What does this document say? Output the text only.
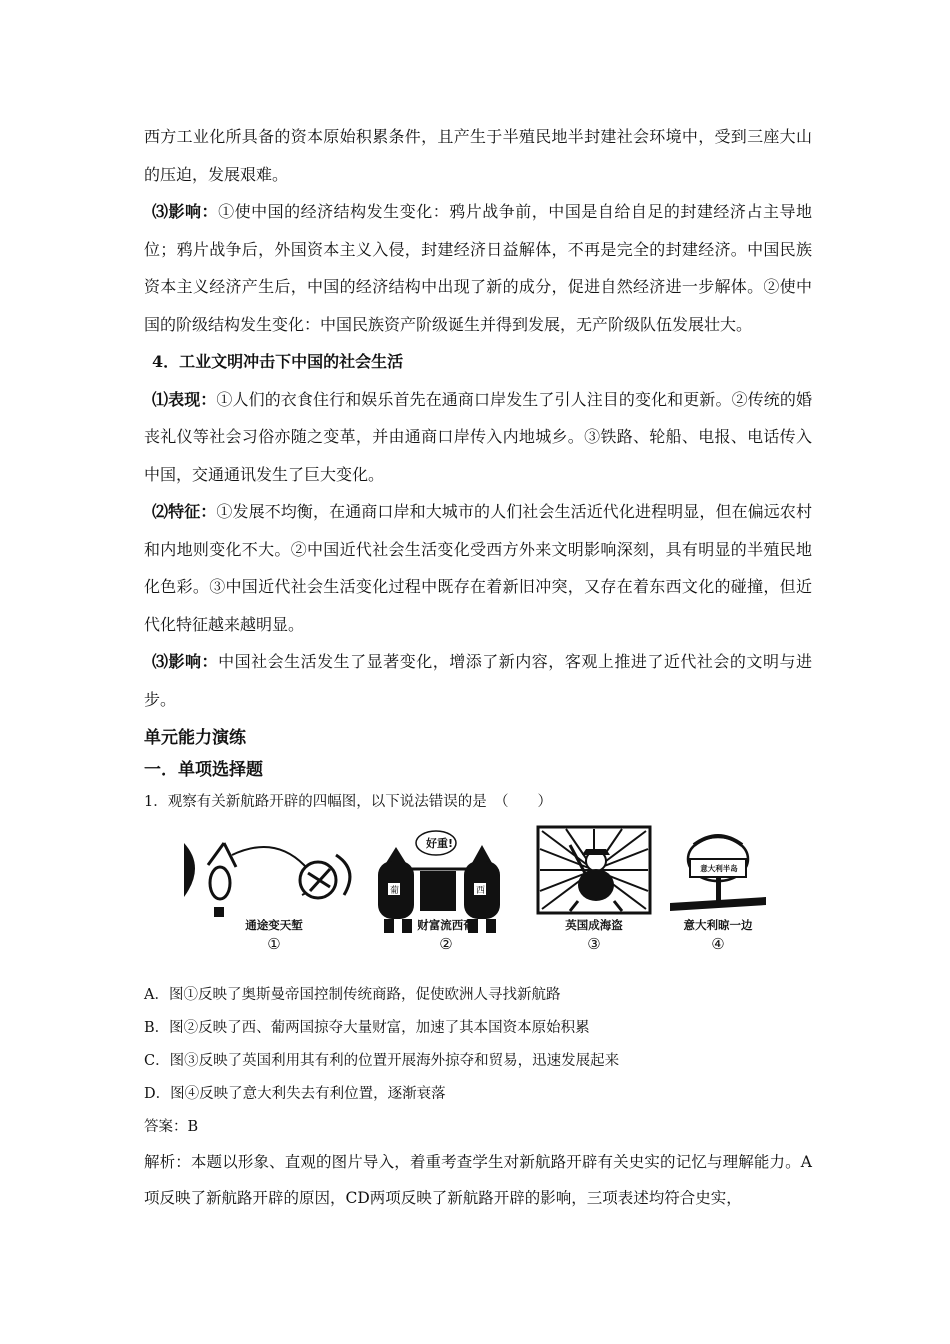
西方工业化所具备的资本原始积累条件，且产生于半殖民地半封建社会环境中，受到三座大山的压迫，发展艰难。

⑶影响：①使中国的经济结构发生变化：鸦片战争前，中国是自给自足的封建经济占主导地位；鸦片战争后，外国资本主义入侵，封建经济日益解体，不再是完全的封建经济。中国民族资本主义经济产生后，中国的经济结构中出现了新的成分，促进自然经济进一步解体。②使中国的阶级结构发生变化：中国民族资产阶级诞生并得到发展，无产阶级队伍发展壮大。

4．工业文明冲击下中国的社会生活

⑴表现：①人们的衣食住行和娱乐首先在通商口岸发生了引人注目的变化和更新。②传统的婚丧礼仪等社会习俗亦随之变革，并由通商口岸传入内地城乡。③铁路、轮船、电报、电话传入中国，交通通讯发生了巨大变化。

⑵特征：①发展不均衡，在通商口岸和大城市的人们社会生活近代化进程明显，但在偏远农村和内地则变化不大。②中国近代社会生活变化受西方外来文明影响深刻，具有明显的半殖民地化色彩。③中国近代社会生活变化过程中既存在着新旧冲突，又存在着东西文化的碰撞，但近代化特征越来越明显。

⑶影响：中国社会生活发生了显著变化，增添了新内容，客观上推进了近代社会的文明与进步。

单元能力演练

一．单项选择题

1．观察有关新航路开辟的四幅图，以下说法错误的是　（　　）

通途变天堑
①
好重!
葡	西
财富流西葡
②
英国成海盗
③
意大利半岛
意大利晾一边
④

A．图①反映了奥斯曼帝国控制传统商路，促使欧洲人寻找新航路

B．图②反映了西、葡两国掠夺大量财富，加速了其本国资本原始积累

C．图③反映了英国利用其有利的位置开展海外掠夺和贸易，迅速发展起来

D．图④反映了意大利失去有利位置，逐渐衰落

答案：B

解析：本题以形象、直观的图片导入，着重考查学生对新航路开辟有关史实的记忆与理解能力。A项反映了新航路开辟的原因，CD两项反映了新航路开辟的影响，三项表述均符合史实，
